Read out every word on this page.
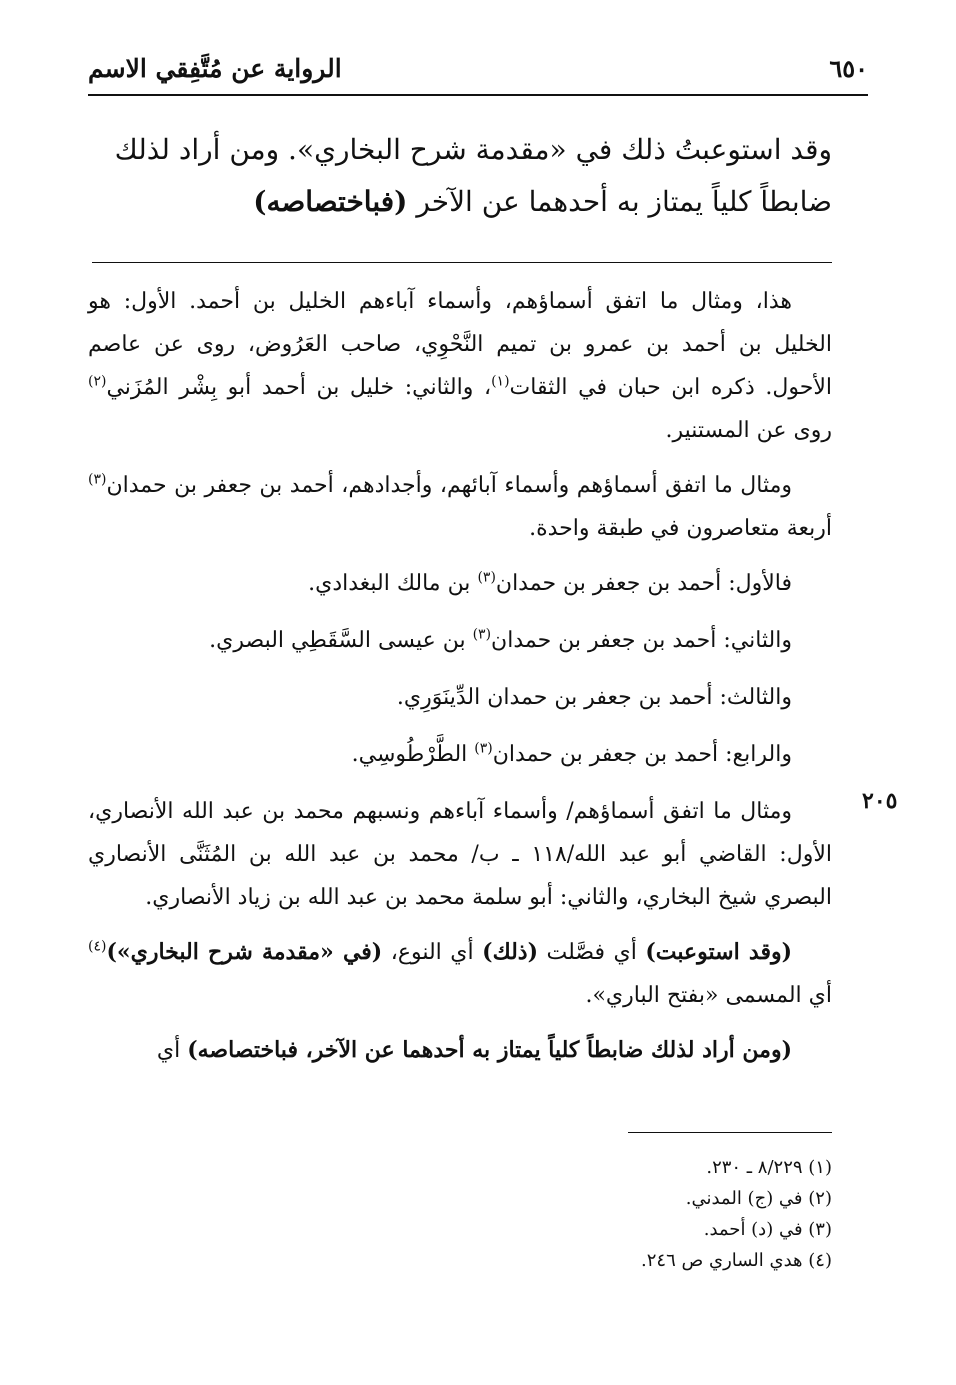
الرواية عن مُتَّفِقي الاسم	٦٥٠
وقد استوعبتُ ذلك في «مقدمة شرح البخاري». ومن أراد لذلك
ضابطاً كلياً يمتاز به أحدهما عن الآخر (فباختصاصه)

هذا، ومثال ما اتفق أسماؤهم، وأسماء آباءهم الخليل بن أحمد. الأول: هو الخليل بن أحمد بن عمرو بن تميم النَّحْوِي، صاحب العَرُوض، روى عن عاصم الأحول. ذكره ابن حبان في الثقات$^{(١)}$، والثاني: خليل بن أحمد أبو بِشْر المُزَني$^{(٢)}$ روى عن المستنير.

ومثال ما اتفق أسماؤهم وأسماء آبائهم، وأجدادهم، أحمد بن جعفر بن حمدان$^{(٣)}$ أربعة متعاصرون في طبقة واحدة.

فالأول: أحمد بن جعفر بن حمدان$^{(٣)}$ بن مالك البغدادي.
والثاني: أحمد بن جعفر بن حمدان$^{(٣)}$ بن عيسى السَّقَطِي البصري.
والثالث: أحمد بن جعفر بن حمدان الدِّينَوَرِي.
والرابع: أحمد بن جعفر بن حمدان$^{(٣)}$ الطَّرْطُوسِي.

ومثال ما اتفق أسماؤهم/ وأسماء آباءهم ونسبهم محمد بن عبد الله الأنصاري، الأول: القاضي أبو عبد الله/١١٨ ـ ب/ محمد بن عبد الله بن المُثَنَّى الأنصاري البصري شيخ البخاري، والثاني: أبو سلمة محمد بن عبد الله بن زياد الأنصاري.

(وقد استوعبت) أي فصَّلت (ذلك) أي النوع، (في «مقدمة شرح البخاري»)$^{(٤)}$ أي المسمى «بفتح الباري».

(ومن أراد لذلك ضابطاً كلياً يمتاز به أحدهما عن الآخر، فباختصاصه) أي

٢٠٥
(١) ٨/٢٢٩ ـ ٢٣٠.
(٢) في (ج) المدني.
(٣) في (د) أحمد.
(٤) هدي الساري ص ٢٤٦.
